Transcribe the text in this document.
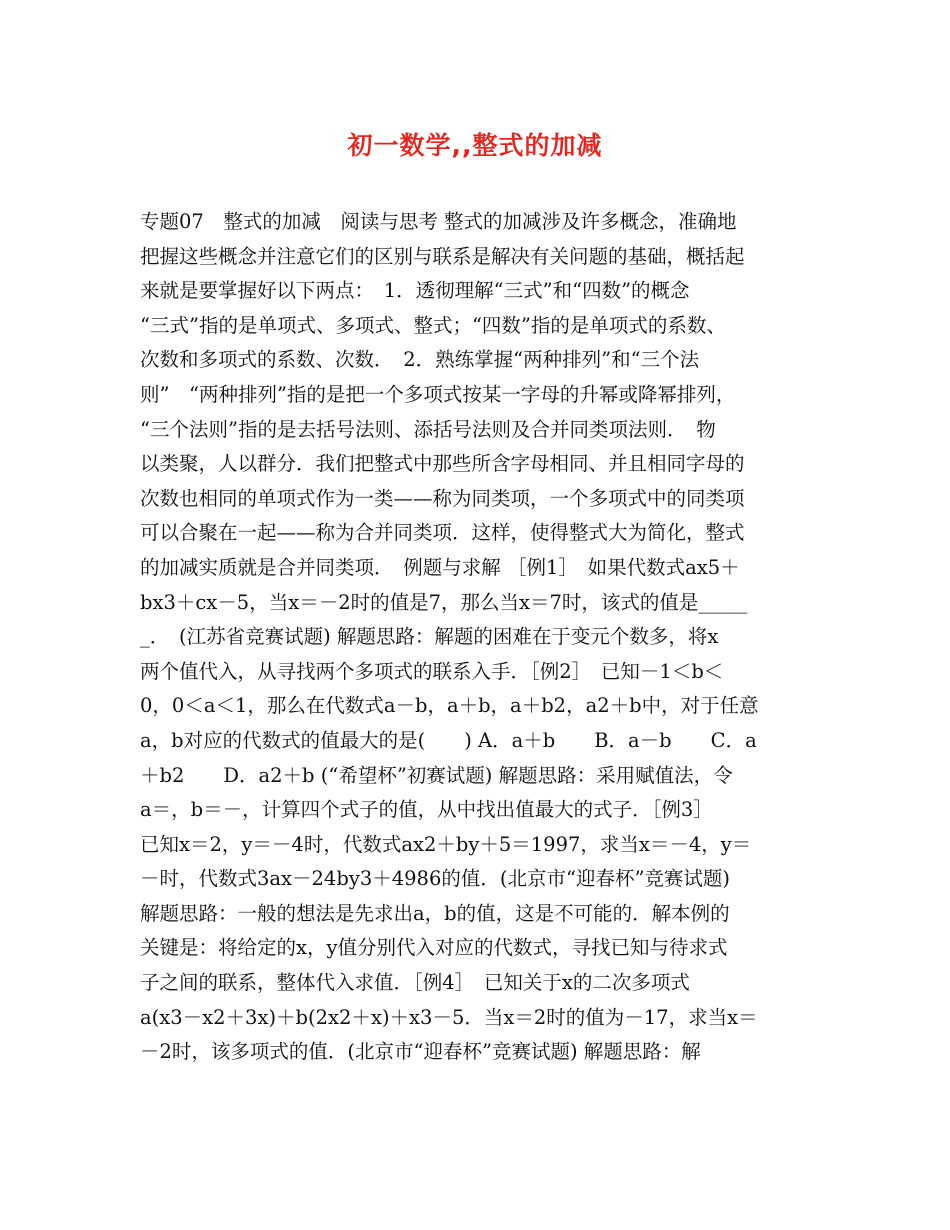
初一数学,,整式的加减
专题07　整式的加减　阅读与思考 整式的加减涉及许多概念，准确地
把握这些概念并注意它们的区别与联系是解决有关问题的基础，概括起
来就是要掌握好以下两点：　1．透彻理解“三式”和“四数”的概念
“三式”指的是单项式、多项式、整式；“四数”指的是单项式的系数、
次数和多项式的系数、次数．　2．熟练掌握“两种排列”和“三个法
则”　“两种排列”指的是把一个多项式按某一字母的升幂或降幂排列，
“三个法则”指的是去括号法则、添括号法则及合并同类项法则．　物
以类聚，人以群分．我们把整式中那些所含字母相同、并且相同字母的
次数也相同的单项式作为一类——称为同类项，一个多项式中的同类项
可以合聚在一起——称为合并同类项．这样，使得整式大为简化，整式
的加减实质就是合并同类项．　例题与求解 ［例1］　如果代数式ax5＋
bx3＋cx－5，当x＝－2时的值是7，那么当x＝7时，该式的值是_____
_．　(江苏省竞赛试题) 解题思路：解题的困难在于变元个数多，将x
两个值代入，从寻找两个多项式的联系入手．［例2］　已知－1＜b＜
0，0＜a＜1，那么在代数式a－b，a＋b，a＋b2，a2＋b中，对于任意
a，b对应的代数式的值最大的是(　　) A．a＋b　　B．a－b　　C．a
＋b2　　D．a2＋b (“希望杯”初赛试题) 解题思路：采用赋值法，令
a＝，b＝－，计算四个式子的值，从中找出值最大的式子．［例3］
已知x＝2，y＝－4时，代数式ax2＋by＋5＝1997，求当x＝－4，y＝
－时，代数式3ax－24by3＋4986的值．(北京市“迎春杯”竞赛试题)
解题思路：一般的想法是先求出a，b的值，这是不可能的．解本例的
关键是：将给定的x，y值分别代入对应的代数式，寻找已知与待求式
子之间的联系，整体代入求值．［例4］　已知关于x的二次多项式
a(x3－x2＋3x)＋b(2x2＋x)＋x3－5．当x＝2时的值为－17，求当x＝
－2时，该多项式的值．(北京市“迎春杯”竞赛试题) 解题思路：解
